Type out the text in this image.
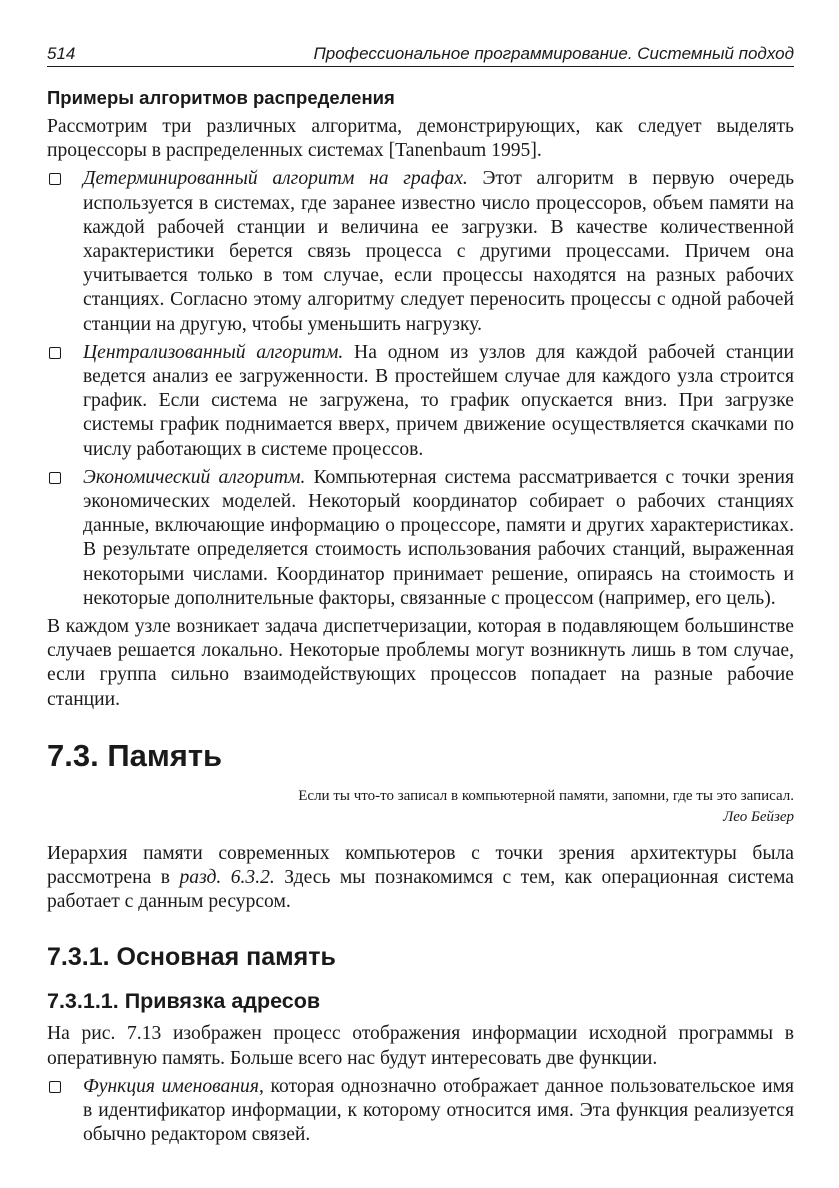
514	Профессиональное программирование. Системный подход
Примеры алгоритмов распределения

Рассмотрим три различных алгоритма, демонстрирующих, как следует выделять процессоры в распределенных системах [Tanenbaum 1995].

Детерминированный алгоритм на графах. Этот алгоритм в первую очередь используется в системах, где заранее известно число процессоров, объем памяти на каждой рабочей станции и величина ее загрузки. В качестве количественной характеристики берется связь процесса с другими процессами. Причем она учитывается только в том случае, если процессы находятся на разных рабочих станциях. Согласно этому алгоритму следует переносить процессы с одной рабочей станции на другую, чтобы уменьшить нагрузку.
Централизованный алгоритм. На одном из узлов для каждой рабочей станции ведется анализ ее загруженности. В простейшем случае для каждого узла строится график. Если система не загружена, то график опускается вниз. При загрузке системы график поднимается вверх, причем движение осуществляется скачками по числу работающих в системе процессов.
Экономический алгоритм. Компьютерная система рассматривается с точки зрения экономических моделей. Некоторый координатор собирает о рабочих станциях данные, включающие информацию о процессоре, памяти и других характеристиках. В результате определяется стоимость использования рабочих станций, выраженная некоторыми числами. Координатор принимает решение, опираясь на стоимость и некоторые дополнительные факторы, связанные с процессом (например, его цель).

В каждом узле возникает задача диспетчеризации, которая в подавляющем большинстве случаев решается локально. Некоторые проблемы могут возникнуть лишь в том случае, если группа сильно взаимодействующих процессов попадает на разные рабочие станции.

7.3. Память
Если ты что-то записал в компьютерной памяти, запомни, где ты это записал.
Лео Бейзер

Иерархия памяти современных компьютеров с точки зрения архитектуры была рассмотрена в разд. 6.3.2. Здесь мы познакомимся с тем, как операционная система работает с данным ресурсом.

7.3.1. Основная память
7.3.1.1. Привязка адресов

На рис. 7.13 изображен процесс отображения информации исходной программы в оперативную память. Больше всего нас будут интересовать две функции.

Функция именования, которая однозначно отображает данное пользовательское имя в идентификатор информации, к которому относится имя. Эта функция реализуется обычно редактором связей.
